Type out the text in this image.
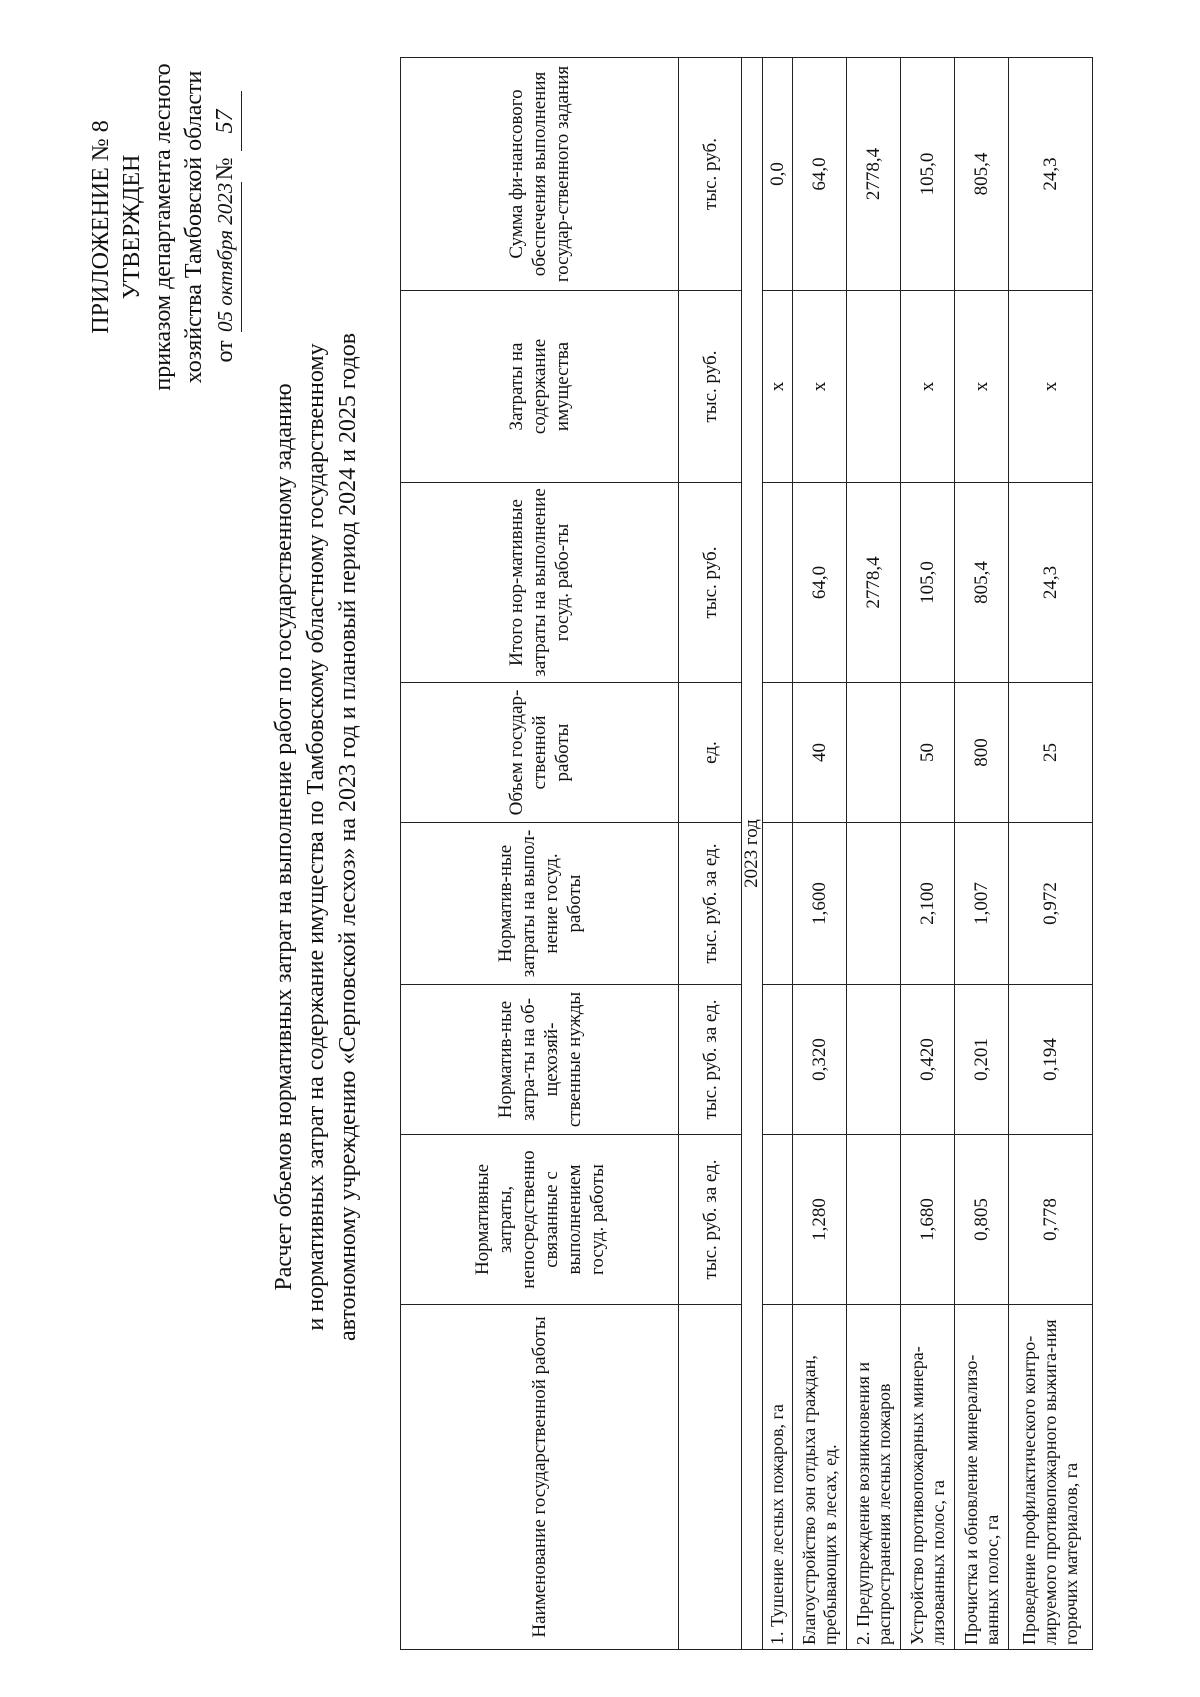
ПРИЛОЖЕНИЕ № 8 УТВЕРЖДЕН приказом департамента лесного хозяйства Тамбовской области от 05 октября 2023№ 57
Расчет объемов нормативных затрат на выполнение работ по государственному заданию и нормативных затрат на содержание имущества по Тамбовскому областному государственному автономному учреждению «Серповской лесхоз» на 2023 год и плановый период 2024 и 2025 годов
Наименование государственной работы	Нормативные затраты, непосредственно связанные с выполнением госуд. работы	Норматив-ные затра-ты на об-щехозяй-ственные нужды	Норматив-ные затраты на выпол-нение госуд. работы	Объем государ-ственной работы	Итого нор-мативные затраты на выполнение госуд. рабо-ты	Затраты на содержание имущества	Сумма фи-нансового обеспечения выполнения государ-ственного задания
	тыс. руб. за ед.	тыс. руб. за ед.	тыс. руб. за ед.	ед.	тыс. руб.	тыс. руб.	тыс. руб.
2023 год							
1. Тушение лесных пожаров, га						х	0,0
Благоустройство зон отдыха граждан, пребывающих в лесах, ед.	1,280	0,320	1,600	40	64,0	х	64,0
2. Предупреждение возникновения и распространения лесных пожаров					2778,4		2778,4
Устройство противопожарных минера-лизованных полос, га	1,680	0,420	2,100	50	105,0	х	105,0
Прочистка и обновление минерализо-ванных полос, га	0,805	0,201	1,007	800	805,4	х	805,4
Проведение профилактического контро-лируемого противопожарного выжига-ния горючих материалов, га	0,778	0,194	0,972	25	24,3	х	24,3
